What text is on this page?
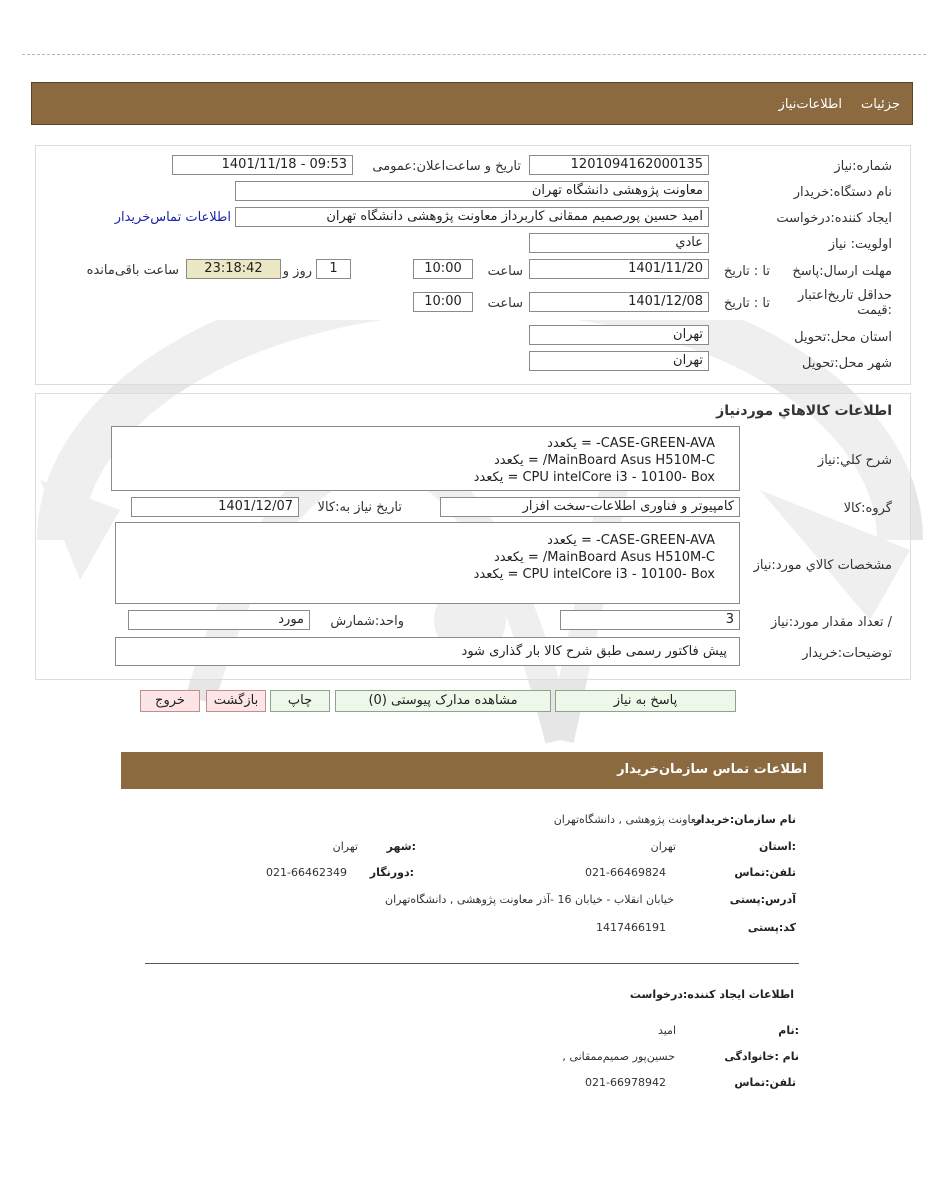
جزئیات
اطلاعات‌نیاز
شماره:نیاز
1201094162000135
تاریخ و ساعت‌اعلان:عمومی
1401/11/18 - 09:53
نام دستگاه:خریدار
معاونت پژوهشی دانشگاه تهران
ایجاد کننده:درخواست
امید حسین پورصمیم ممقانی کاربرداز معاونت پژوهشی دانشگاه تهران
اطلاعات تماس‌خریدار
اولویت: نیاز
عادي
مهلت ارسال:پاسخ
تا : تاریخ
1401/11/20
ساعت
10:00
1
روز و
23:18:42
ساعت باقی‌مانده
حداقل تاریخ‌اعتبار :قیمت
تا : تاریخ
1401/12/08
ساعت
10:00
استان محل:تحویل
تهران
شهر محل:تحویل
تهران
اطلاعات کالاهاي موردنياز
شرح کلي:نياز
CASE-GREEN-AVA- = یکعدد
MainBoard Asus H510M-C/ = یکعدد
CPU intelCore i3 - 10100- Box = یکعدد
گروه:کالا
کامپیوتر و فناوری اطلاعات-سخت افزار
تاریخ نیاز به:کالا
1401/12/07
مشخصات کالاي مورد:نياز
CASE-GREEN-AVA- = یکعدد
MainBoard Asus H510M-C/ = یکعدد
CPU intelCore i3 - 10100- Box = یکعدد
/ تعداد مقدار مورد:نیاز
3
واحد:شمارش
مورد
توضیحات:خریدار
پیش فاکتور رسمی طبق شرح کالا بار گذاری شود
پاسخ به نیاز
مشاهده مدارک پیوستی (0)
چاپ
بازگشت
خروج
اطلاعات تماس سازمان‌خریدار
نام سازمان:خریدار
معاونت پژوهشی , دانشگاه‌تهران
:استان
تهران
:شهر
تهران
تلفن:تماس
021-66469824
:دورنگار
021-66462349
آدرس:پستی
خیابان انقلاب - خیابان 16 -آذر معاونت پژوهشی , دانشگاه‌تهران
کد:پستی
1417466191
اطلاعات ایجاد کننده:درخواست
:نام
امید
نام :خانوادگی
حسین‌پور صمیم‌ممقانی ,
تلفن:تماس
021-66978942
